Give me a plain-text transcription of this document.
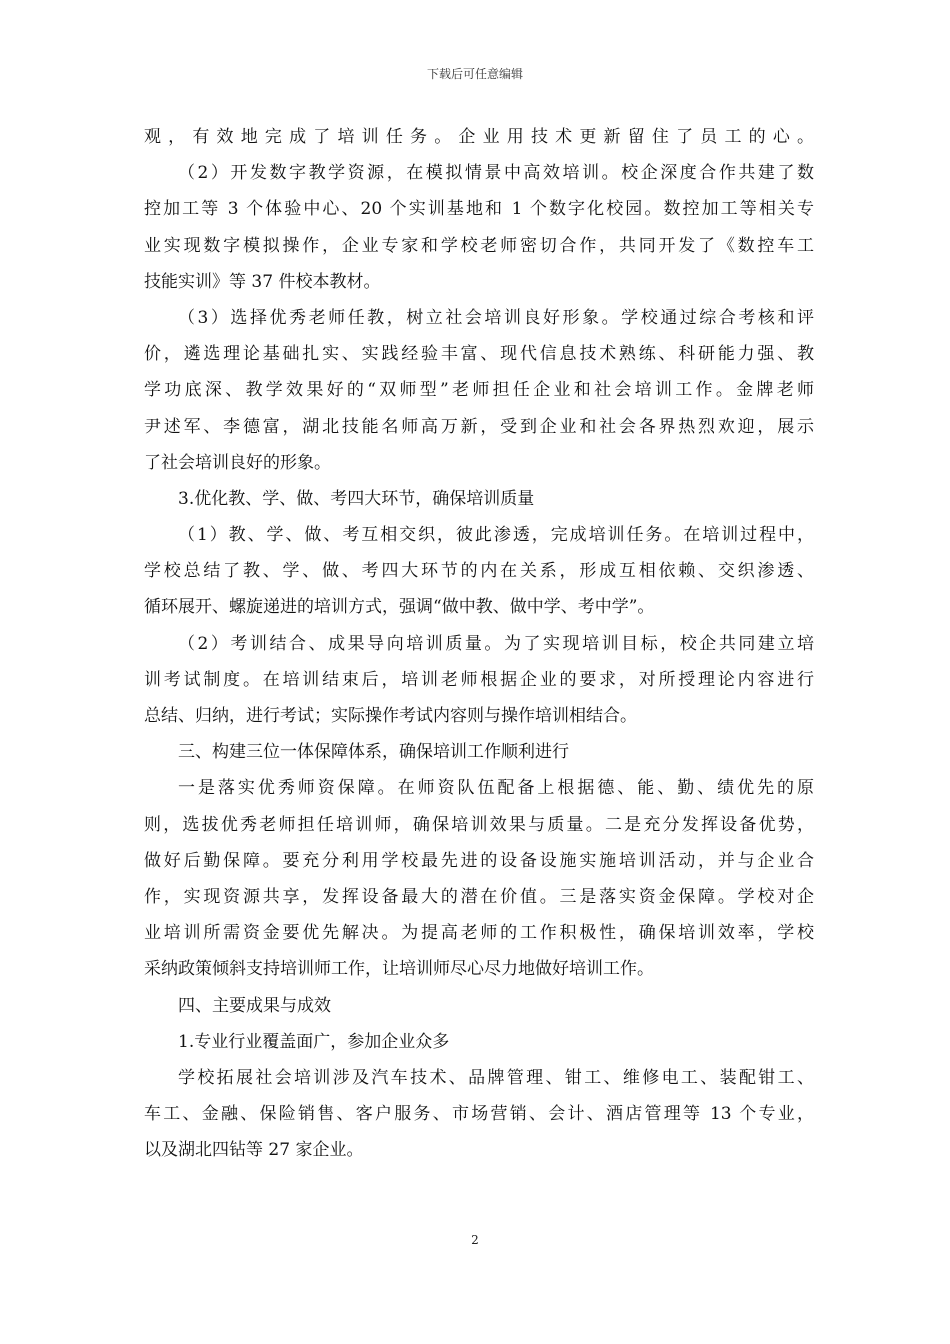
下载后可任意编辑
观，有效地完成了培训任务。企业用技术更新留住了员工的心。
（2）开发数字教学资源，在模拟情景中高效培训。校企深度合作共建了数
控加工等 3 个体验中心、20 个实训基地和 1 个数字化校园。数控加工等相关专
业实现数字模拟操作，企业专家和学校老师密切合作，共同开发了《数控车工
技能实训》等 37 件校本教材。
（3）选择优秀老师任教，树立社会培训良好形象。学校通过综合考核和评
价，遴选理论基础扎实、实践经验丰富、现代信息技术熟练、科研能力强、教
学功底深、教学效果好的“双师型”老师担任企业和社会培训工作。金牌老师
尹述军、李德富，湖北技能名师高万新，受到企业和社会各界热烈欢迎，展示
了社会培训良好的形象。
3.优化教、学、做、考四大环节，确保培训质量
（1）教、学、做、考互相交织，彼此渗透，完成培训任务。在培训过程中，
学校总结了教、学、做、考四大环节的内在关系，形成互相依赖、交织渗透、
循环展开、螺旋递进的培训方式，强调“做中教、做中学、考中学”。
（2）考训结合、成果导向培训质量。为了实现培训目标，校企共同建立培
训考试制度。在培训结束后，培训老师根据企业的要求，对所授理论内容进行
总结、归纳，进行考试；实际操作考试内容则与操作培训相结合。
三、构建三位一体保障体系，确保培训工作顺利进行
一是落实优秀师资保障。在师资队伍配备上根据德、能、勤、绩优先的原
则，选拔优秀老师担任培训师，确保培训效果与质量。二是充分发挥设备优势，
做好后勤保障。要充分利用学校最先进的设备设施实施培训活动，并与企业合
作，实现资源共享，发挥设备最大的潜在价值。三是落实资金保障。学校对企
业培训所需资金要优先解决。为提高老师的工作积极性，确保培训效率，学校
采纳政策倾斜支持培训师工作，让培训师尽心尽力地做好培训工作。
四、主要成果与成效
1.专业行业覆盖面广，参加企业众多
学校拓展社会培训涉及汽车技术、品牌管理、钳工、维修电工、装配钳工、
车工、金融、保险销售、客户服务、市场营销、会计、酒店管理等 13 个专业，
以及湖北四钻等 27 家企业。
2
